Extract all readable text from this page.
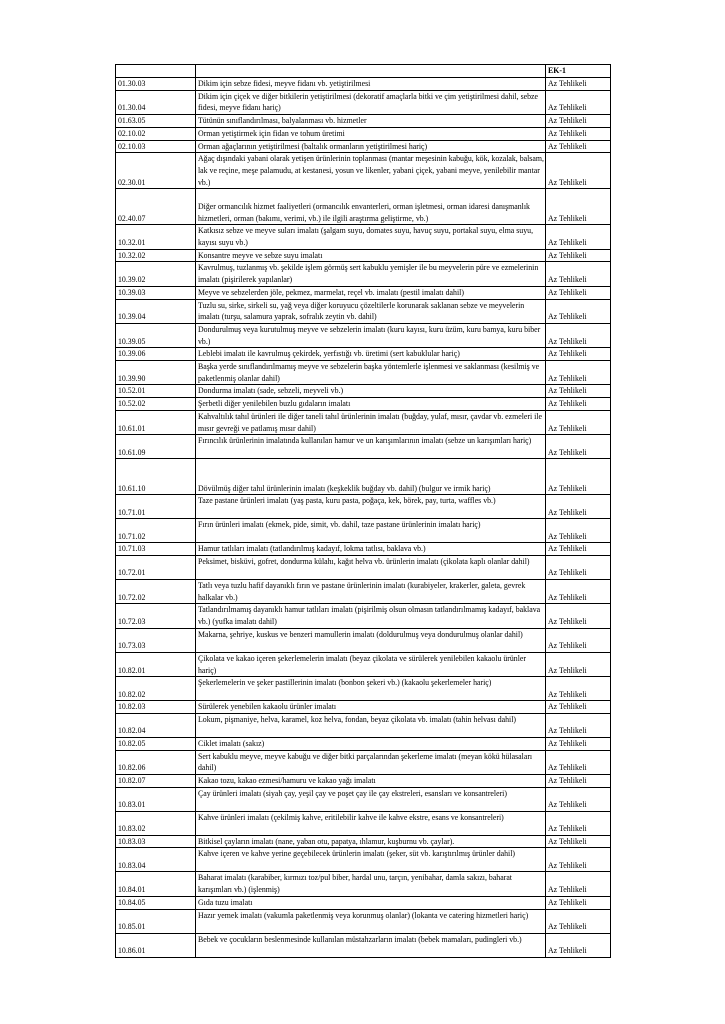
		EK-1
01.30.03	Dikim için sebze fidesi, meyve fidanı vb. yetiştirilmesi	Az Tehlikeli
01.30.04	Dikim için çiçek ve diğer bitkilerin yetiştirilmesi (dekoratif amaçlarla bitki ve çim yetiştirilmesi dahil, sebze fidesi, meyve fidanı hariç)	Az Tehlikeli
01.63.05	Tütünün sınıflandırılması, balyalanması vb. hizmetler	Az Tehlikeli
02.10.02	Orman yetiştirmek için fidan ve tohum üretimi	Az Tehlikeli
02.10.03	Orman ağaçlarının yetiştirilmesi (baltalık ormanların yetiştirilmesi hariç)	Az Tehlikeli
02.30.01	Ağaç dışındaki yabani olarak yetişen ürünlerinin toplanması (mantar meşesinin kabuğu, kök, kozalak, balsam, lak ve reçine, meşe palamudu, at kestanesi, yosun ve likenler, yabani çiçek, yabani meyve, yenilebilir mantar vb.)	Az Tehlikeli
02.40.07	Diğer ormancılık hizmet faaliyetleri (ormancılık envanterleri, orman işletmesi, orman idaresi danışmanlık hizmetleri, orman (bakımı, verimi, vb.) ile ilgili araştırma geliştirme, vb.)	Az Tehlikeli
10.32.01	Katkısız sebze ve meyve suları imalatı (şalgam suyu, domates suyu, havuç suyu, portakal suyu, elma suyu, kayısı suyu vb.)	Az Tehlikeli
10.32.02	Konsantre meyve ve sebze suyu imalatı	Az Tehlikeli
10.39.02	Kavrulmuş, tuzlanmış vb. şekilde işlem görmüş sert kabuklu yemişler ile bu meyvelerin püre ve ezmelerinin imalatı (pişirilerek yapılanlar)	Az Tehlikeli
10.39.03	Meyve ve sebzelerden jöle, pekmez, marmelat, reçel vb. imalatı (pestil imalatı dahil)	Az Tehlikeli
10.39.04	Tuzlu su, sirke, sirkeli su, yağ veya diğer koruyucu çözeltilerle korunarak saklanan sebze ve meyvelerin imalatı (turşu, salamura yaprak, sofralık zeytin vb. dahil)	Az Tehlikeli
10.39.05	Dondurulmuş veya kurutulmuş meyve ve sebzelerin imalatı (kuru kayısı, kuru üzüm, kuru bamya, kuru biber vb.)	Az Tehlikeli
10.39.06	Leblebi imalatı ile kavrulmuş çekirdek, yerfıstığı vb. üretimi (sert kabuklular hariç)	Az Tehlikeli
10.39.90	Başka yerde sınıflandırılmamış meyve ve sebzelerin başka yöntemlerle işlenmesi ve saklanması (kesilmiş ve paketlenmiş olanlar dahil)	Az Tehlikeli
10.52.01	Dondurma imalatı (sade, sebzeli, meyveli vb.)	Az Tehlikeli
10.52.02	Şerbetli diğer yenilebilen buzlu gıdaların imalatı	Az Tehlikeli
10.61.01	Kahvaltılık tahıl ürünleri ile diğer taneli tahıl ürünlerinin imalatı (buğday, yulaf, mısır, çavdar vb. ezmeleri ile mısır gevreği ve patlamış mısır dahil)	Az Tehlikeli
10.61.09	Fırıncılık ürünlerinin imalatında kullanılan hamur ve un karışımlarının imalatı (sebze un karışımları hariç)	Az Tehlikeli
10.61.10	Dövülmüş diğer tahıl ürünlerinin imalatı (keşkeklik buğday vb. dahil) (bulgur ve irmik hariç)	Az Tehlikeli
10.71.01	Taze pastane ürünleri imalatı (yaş pasta, kuru pasta, poğaça, kek, börek, pay, turta, waffles vb.)	Az Tehlikeli
10.71.02	Fırın ürünleri imalatı (ekmek, pide, simit, vb. dahil, taze pastane ürünlerinin imalatı hariç)	Az Tehlikeli
10.71.03	Hamur tatlıları imalatı (tatlandırılmış kadayıf, lokma tatlısı, baklava vb.)	Az Tehlikeli
10.72.01	Peksimet, bisküvi, gofret, dondurma külahı, kağıt helva vb. ürünlerin imalatı (çikolata kaplı olanlar dahil)	Az Tehlikeli
10.72.02	Tatlı veya tuzlu hafif dayanıklı fırın ve pastane ürünlerinin imalatı (kurabiyeler, krakerler, galeta, gevrek halkalar vb.)	Az Tehlikeli
10.72.03	Tatlandırılmamış dayanıklı hamur tatlıları imalatı (pişirilmiş olsun olmasın tatlandırılmamış kadayıf, baklava vb.) (yufka imalatı dahil)	Az Tehlikeli
10.73.03	Makarna, şehriye, kuskus ve benzeri mamullerin imalatı (doldurulmuş veya dondurulmuş olanlar dahil)	Az Tehlikeli
10.82.01	Çikolata ve kakao içeren şekerlemelerin imalatı (beyaz çikolata ve sürülerek yenilebilen kakaolu ürünler hariç)	Az Tehlikeli
10.82.02	Şekerlemelerin ve şeker pastillerinin imalatı (bonbon şekeri vb.) (kakaolu şekerlemeler hariç)	Az Tehlikeli
10.82.03	Sürülerek yenebilen kakaolu ürünler imalatı	Az Tehlikeli
10.82.04	Lokum, pişmaniye, helva, karamel, koz helva, fondan, beyaz çikolata vb. imalatı (tahin helvası dahil)	Az Tehlikeli
10.82.05	Ciklet imalatı (sakız)	Az Tehlikeli
10.82.06	Sert kabuklu meyve, meyve kabuğu ve diğer bitki parçalarından şekerleme imalatı (meyan kökü hülasaları dahil)	Az Tehlikeli
10.82.07	Kakao tozu, kakao ezmesi/hamuru ve kakao yağı imalatı	Az Tehlikeli
10.83.01	Çay ürünleri imalatı (siyah çay, yeşil çay ve poşet çay ile çay ekstreleri, esansları ve konsantreleri)	Az Tehlikeli
10.83.02	Kahve ürünleri imalatı (çekilmiş kahve, eritilebilir kahve ile kahve ekstre, esans ve konsantreleri)	Az Tehlikeli
10.83.03	Bitkisel çayların imalatı (nane, yaban otu, papatya, ıhlamur, kuşburnu vb. çaylar).	Az Tehlikeli
10.83.04	Kahve içeren ve kahve yerine geçebilecek ürünlerin imalatı (şeker, süt vb. karıştırılmış ürünler dahil)	Az Tehlikeli
10.84.01	Baharat imalatı (karabiber, kırmızı toz/pul biber, hardal unu, tarçın, yenibahar, damla sakızı, baharat karışımları vb.) (işlenmiş)	Az Tehlikeli
10.84.05	Gıda tuzu imalatı	Az Tehlikeli
10.85.01	Hazır yemek imalatı (vakumla paketlenmiş veya korunmuş olanlar) (lokanta ve catering hizmetleri hariç)	Az Tehlikeli
10.86.01	Bebek ve çocukların beslenmesinde kullanılan müstahzarların imalatı (bebek mamaları, pudingleri vb.)	Az Tehlikeli
